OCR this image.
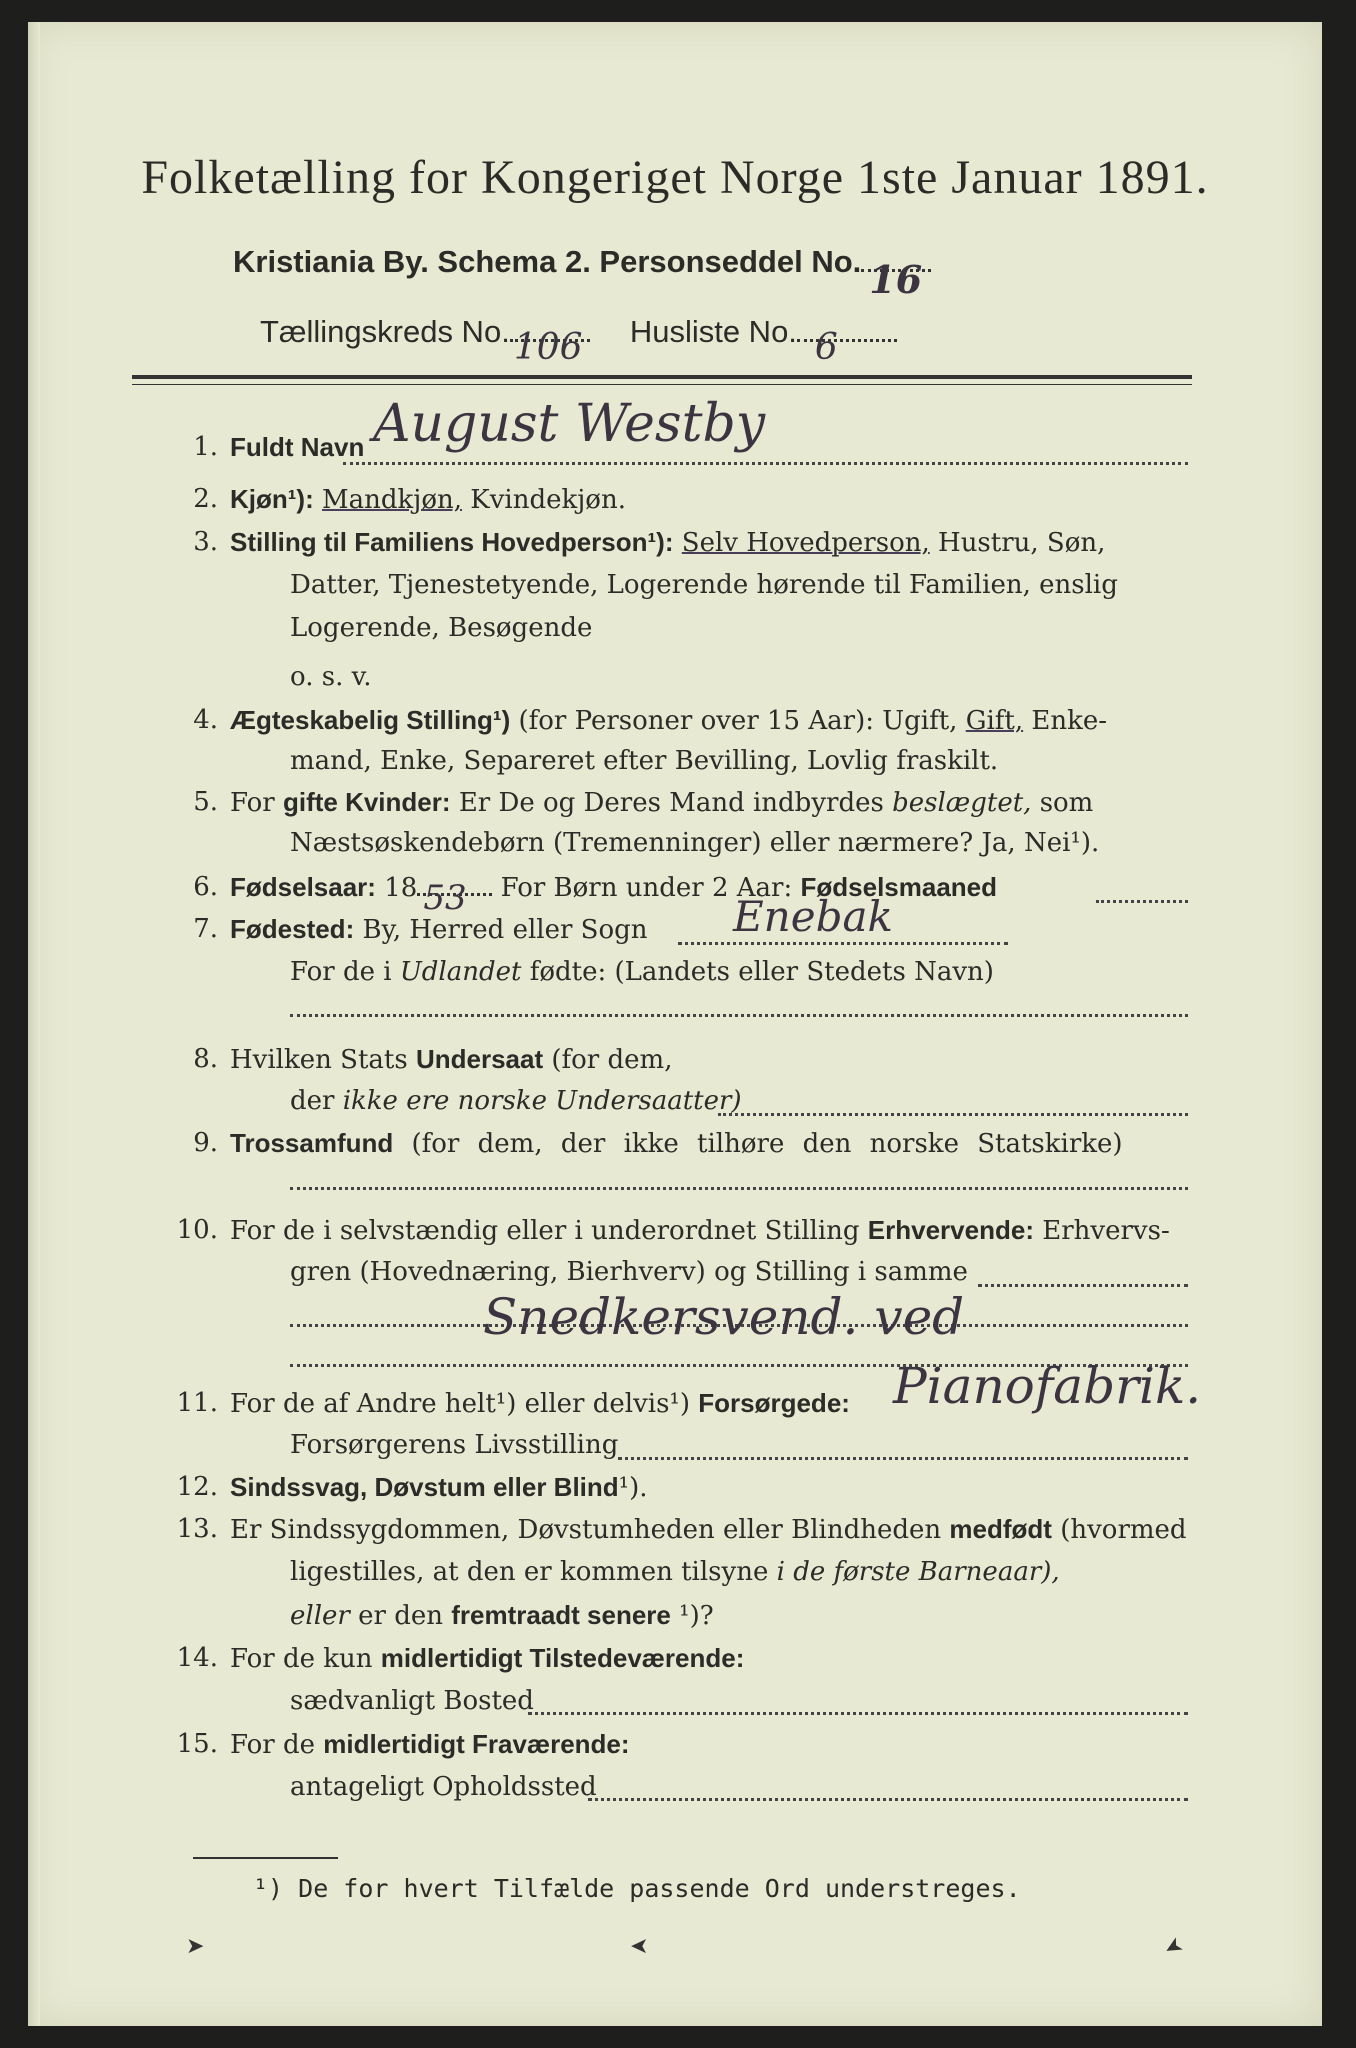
Folketælling for Kongeriget Norge 1ste Januar 1891.
Kristiania By. Schema 2. Personseddel No. 16
Tællingskreds No. 106 Husliste No. 6
1. Fuldt Navn August Westby
2. Kjøn¹): Mandkjøn, Kvindekjøn.
3. Stilling til Familiens Hovedperson¹): Selv Hovedperson, Hustru, Søn,
Datter, Tjenestetyende, Logerende hørende til Familien, enslig
Logerende, Besøgende
o. s. v.
4. Ægteskabelig Stilling¹) (for Personer over 15 Aar): Ugift, Gift, Enke-
mand, Enke, Separeret efter Bevilling, Lovlig fraskilt.
5. For gifte Kvinder: Er De og Deres Mand indbyrdes beslægtet, som
Næstsøskendebørn (Tremenninger) eller nærmere? Ja, Nei¹).
6. Fødselsaar: 18 53 For Børn under 2 Aar: Fødselsmaaned
7. Fødested: By, Herred eller Sogn Enebak
For de i Udlandet fødte: (Landets eller Stedets Navn)
8. Hvilken Stats Undersaat (for dem,
der ikke ere norske Undersaatter)
9. Trossamfund (for dem, der ikke tilhøre den norske Statskirke)
10. For de i selvstændig eller i underordnet Stilling Erhvervende: Erhvervs-
gren (Hovednæring, Bierhverv) og Stilling i samme
Snedkersvend. ved
11. For de af Andre helt¹) eller delvis¹) Forsørgede: Pianofabrik.
Forsørgerens Livsstilling
12. Sindssvag, Døvstum eller Blind¹).
13. Er Sindssygdommen, Døvstumheden eller Blindheden medfødt (hvormed
ligestilles, at den er kommen tilsyne i de første Barneaar),
eller er den fremtraadt senere ¹)?
14. For de kun midlertidigt Tilstedeværende:
sædvanligt Bosted
15. For de midlertidigt Fraværende:
antageligt Opholdssted
¹) De for hvert Tilfælde passende Ord understreges.
➤	➤	➤
